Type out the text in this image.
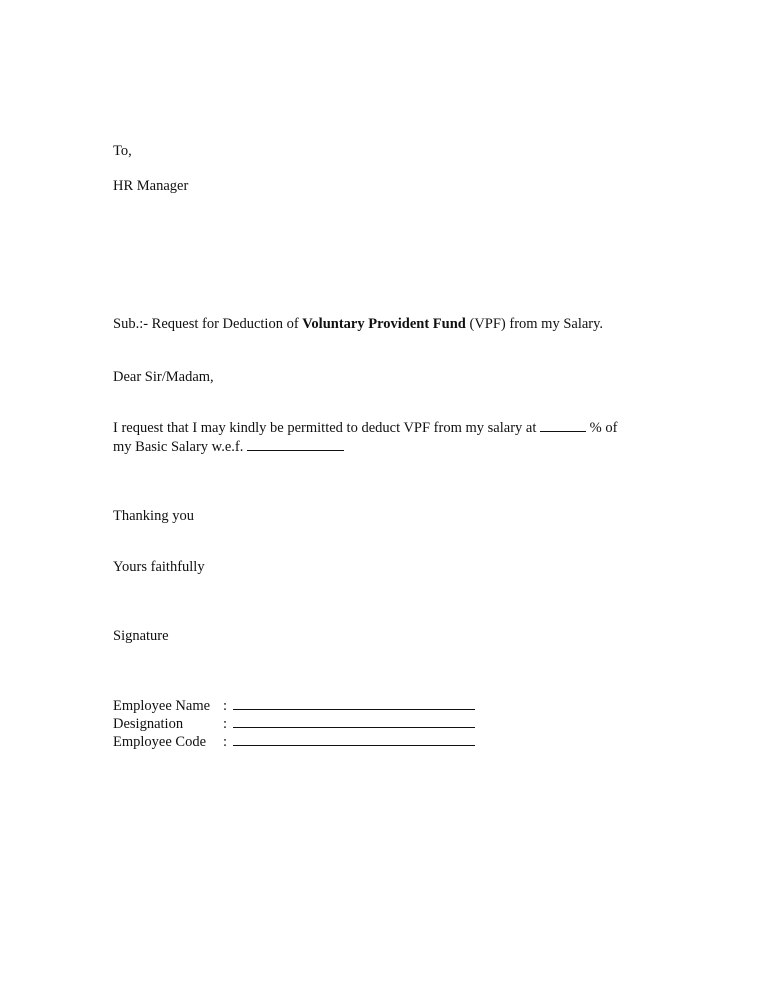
To,
HR Manager
Sub.:- Request for Deduction of Voluntary Provident Fund (VPF) from my Salary.
Dear Sir/Madam,
I request that I may kindly be permitted to deduct VPF from my salary at	% of
my Basic Salary w.e.f.
Thanking you
Yours faithfully
Signature
Employee Name :
Designation	:
Employee Code	:
